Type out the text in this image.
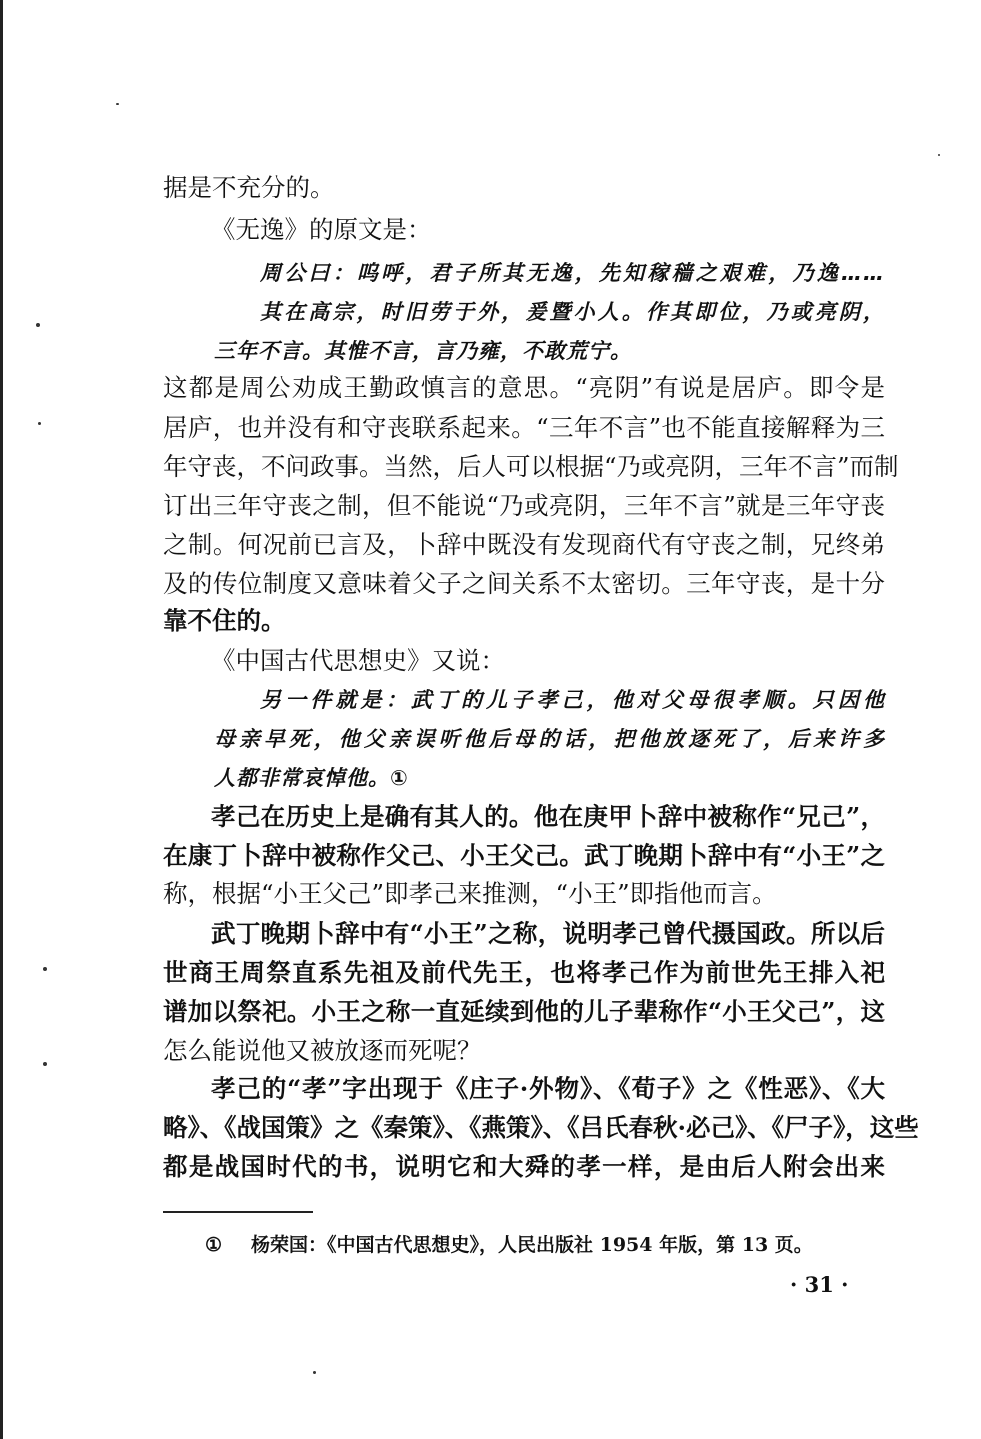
据是不充分的。
《无逸》的原文是：
周公曰：呜呼，君子所其无逸，先知稼穑之艰难，乃逸……
其在高宗，时旧劳于外，爰暨小人。作其即位，乃或亮阴，
三年不言。其惟不言，言乃雍，不敢荒宁。
这都是周公劝成王勤政慎言的意思。“亮阴”有说是居庐。即令是
居庐，也并没有和守丧联系起来。“三年不言”也不能直接解释为三
年守丧，不问政事。当然，后人可以根据“乃或亮阴，三年不言”而制
订出三年守丧之制，但不能说“乃或亮阴，三年不言”就是三年守丧
之制。何况前已言及，卜辞中既没有发现商代有守丧之制，兄终弟
及的传位制度又意味着父子之间关系不太密切。三年守丧，是十分
靠不住的。
《中国古代思想史》又说：
另一件就是：武丁的儿子孝己，他对父母很孝顺。只因他
母亲早死，他父亲误听他后母的话，把他放逐死了，后来许多
人都非常哀悼他。①
孝己在历史上是确有其人的。他在庚甲卜辞中被称作“兄己”，
在康丁卜辞中被称作父己、小王父己。武丁晚期卜辞中有“小王”之
称，根据“小王父己”即孝己来推测，“小王”即指他而言。
武丁晚期卜辞中有“小王”之称，说明孝己曾代摄国政。所以后
世商王周祭直系先祖及前代先王，也将孝己作为前世先王排入祀
谱加以祭祀。小王之称一直延续到他的儿子辈称作“小王父己”，这
怎么能说他又被放逐而死呢？
孝己的“孝”字出现于《庄子·外物》、《荀子》之《性恶》、《大
略》、《战国策》之《秦策》、《燕策》、《吕氏春秋·必己》、《尸子》，这些
都是战国时代的书，说明它和大舜的孝一样，是由后人附会出来
① 杨荣国：《中国古代思想史》，人民出版社 1954 年版，第 13 页。
· 31 ·
